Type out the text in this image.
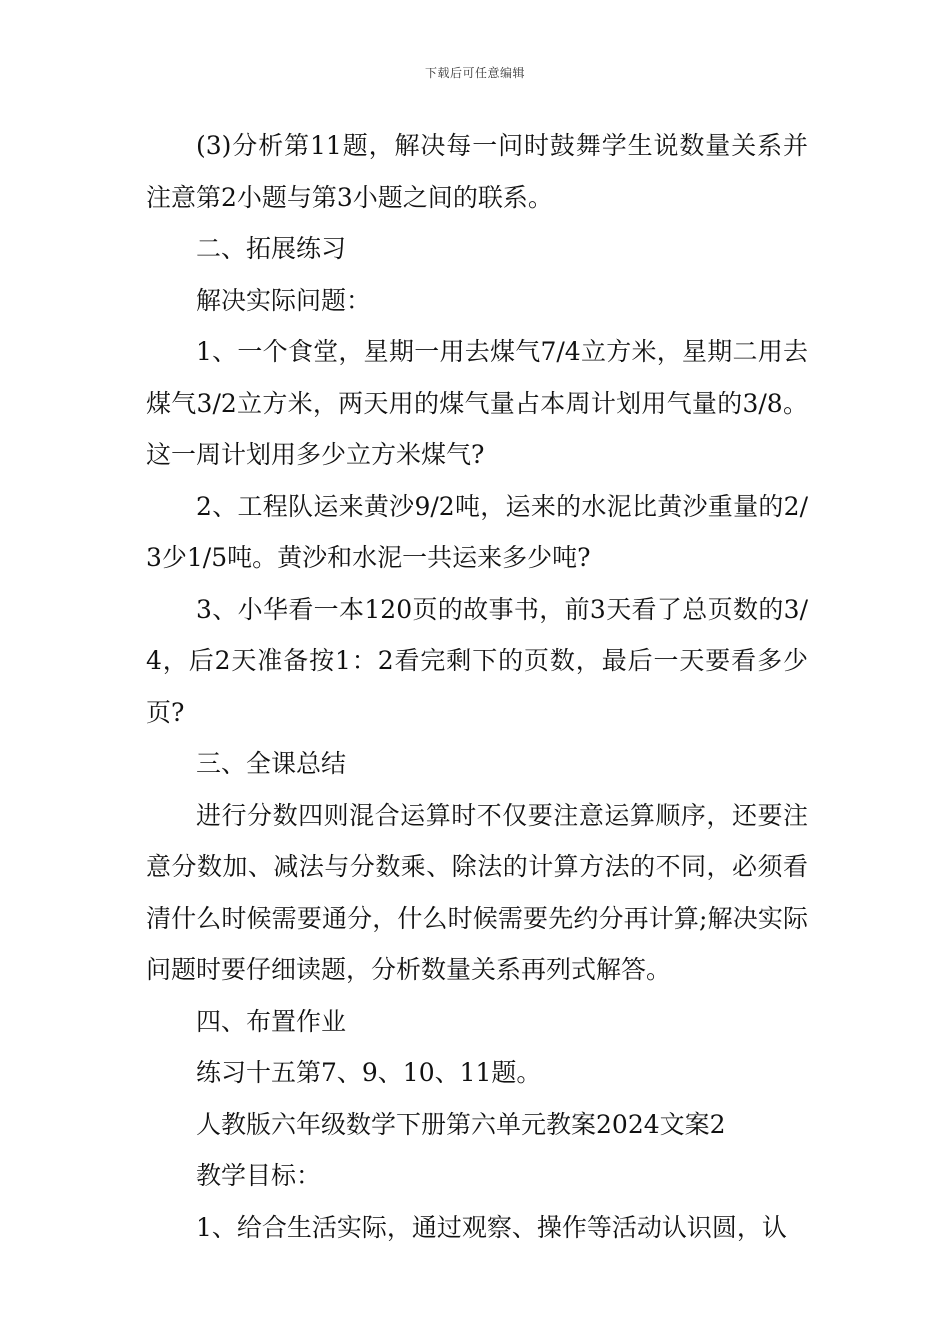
下载后可任意编辑

(3)分析第11题，解决每一问时鼓舞学生说数量关系并注意第2小题与第3小题之间的联系。

二、拓展练习

解决实际问题：

1、一个食堂，星期一用去煤气7/4立方米，星期二用去煤气3/2立方米，两天用的煤气量占本周计划用气量的3/8。这一周计划用多少立方米煤气?

2、工程队运来黄沙9/2吨，运来的水泥比黄沙重量的2/3少1/5吨。黄沙和水泥一共运来多少吨?

3、小华看一本120页的故事书，前3天看了总页数的3/4，后2天准备按1：2看完剩下的页数，最后一天要看多少页?

三、全课总结

进行分数四则混合运算时不仅要注意运算顺序，还要注意分数加、减法与分数乘、除法的计算方法的不同，必须看清什么时候需要通分，什么时候需要先约分再计算;解决实际问题时要仔细读题，分析数量关系再列式解答。

四、布置作业

练习十五第7、9、10、11题。

人教版六年级数学下册第六单元教案2024文案2

教学目标：

1、给合生活实际，通过观察、操作等活动认识圆，认
